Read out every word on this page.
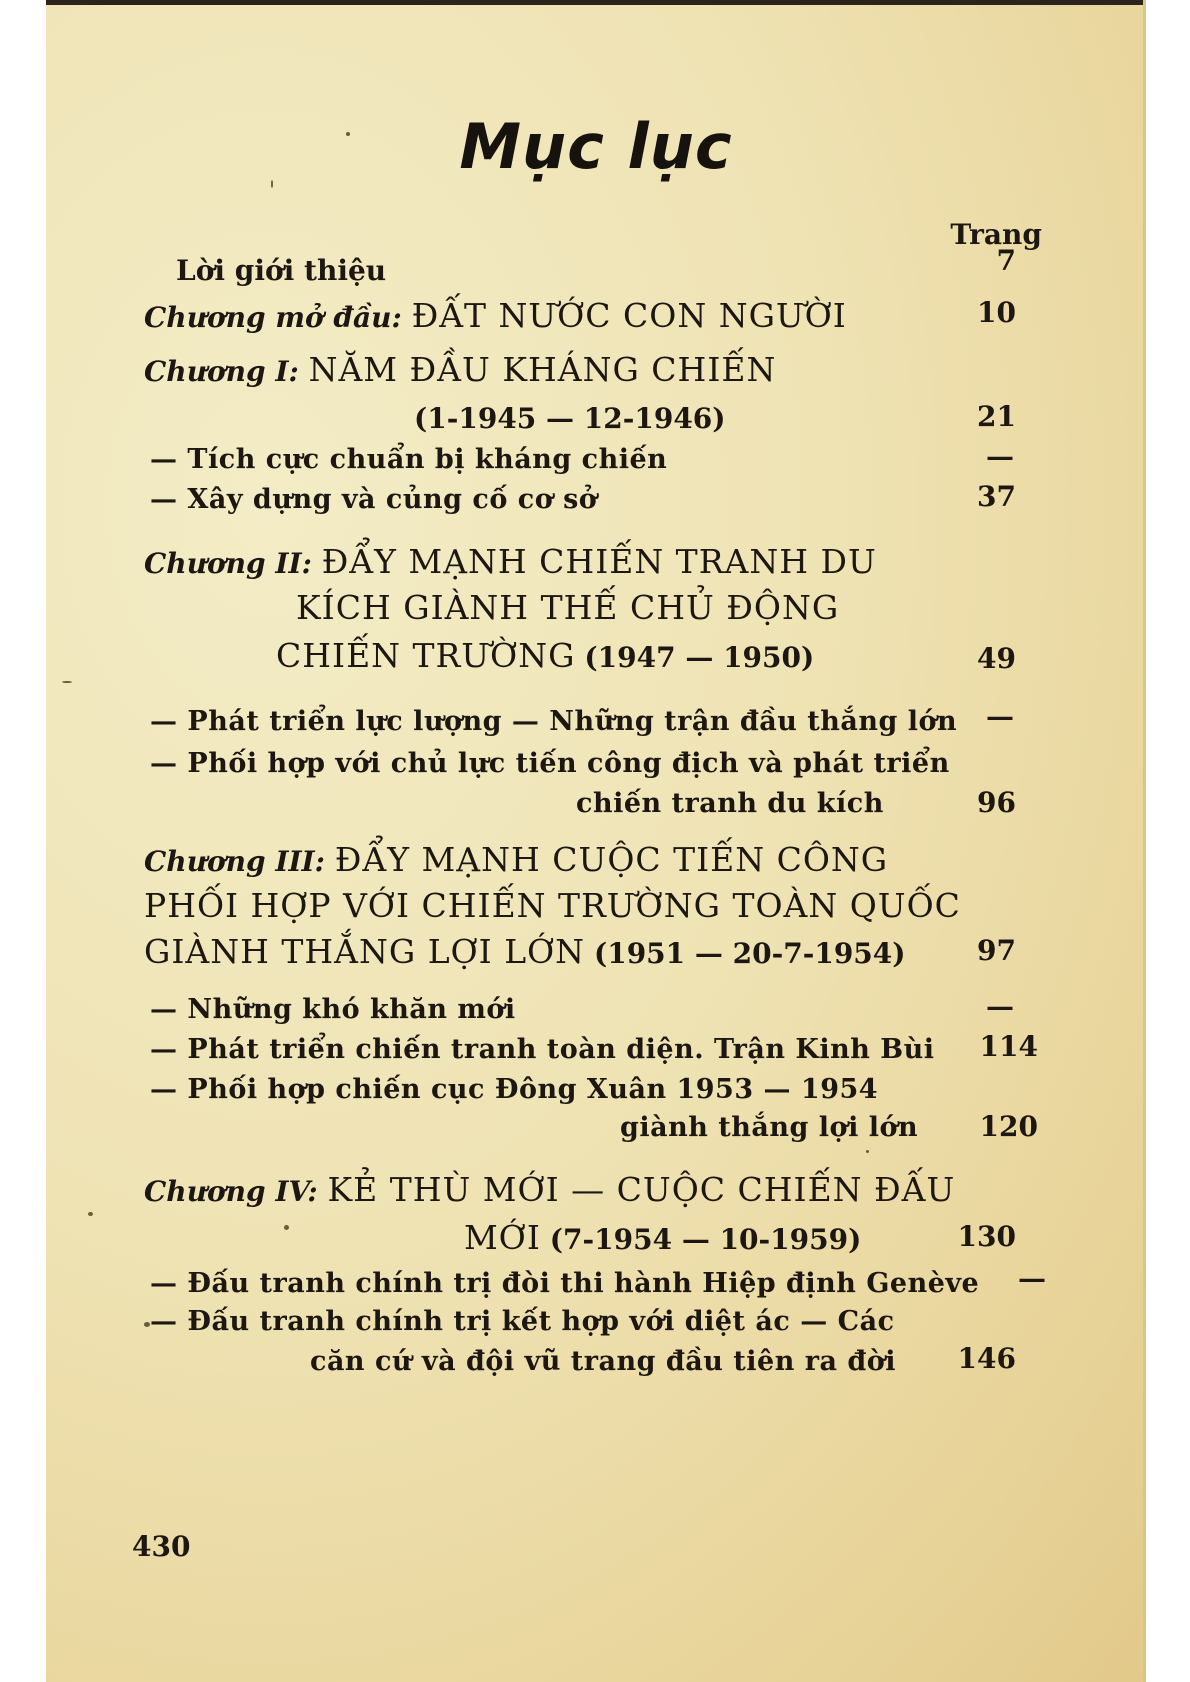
Mục lục
Trang
Lời giới thiệu	7
Chương mở đầu: ĐẤT NƯỚC CON NGƯỜI	10
Chương I: NĂM ĐẦU KHÁNG CHIẾN
(1-1945 — 12-1946)	21
— Tích cực chuẩn bị kháng chiến	—
— Xây dựng và củng cố cơ sở	37
Chương II: ĐẨY MẠNH CHIẾN TRANH DU
KÍCH GIÀNH THẾ CHỦ ĐỘNG
CHIẾN TRƯỜNG (1947 — 1950)	49
— Phát triển lực lượng — Những trận đầu thắng lớn	—
— Phối hợp với chủ lực tiến công địch và phát triển
chiến tranh du kích	96
Chương III: ĐẨY MẠNH CUỘC TIẾN CÔNG
PHỐI HỢP VỚI CHIẾN TRƯỜNG TOÀN QUỐC
GIÀNH THẮNG LỢI LỚN (1951 — 20-7-1954)	97
— Những khó khăn mới	—
— Phát triển chiến tranh toàn diện. Trận Kinh Bùi	114
— Phối hợp chiến cục Đông Xuân 1953 — 1954
giành thắng lợi lớn	120
Chương IV: KẺ THÙ MỚI — CUỘC CHIẾN ĐẤU
MỚI (7-1954 — 10-1959)	130
— Đấu tranh chính trị đòi thi hành Hiệp định Genève	—
— Đấu tranh chính trị kết hợp với diệt ác — Các
căn cứ và đội vũ trang đầu tiên ra đời	146
430
